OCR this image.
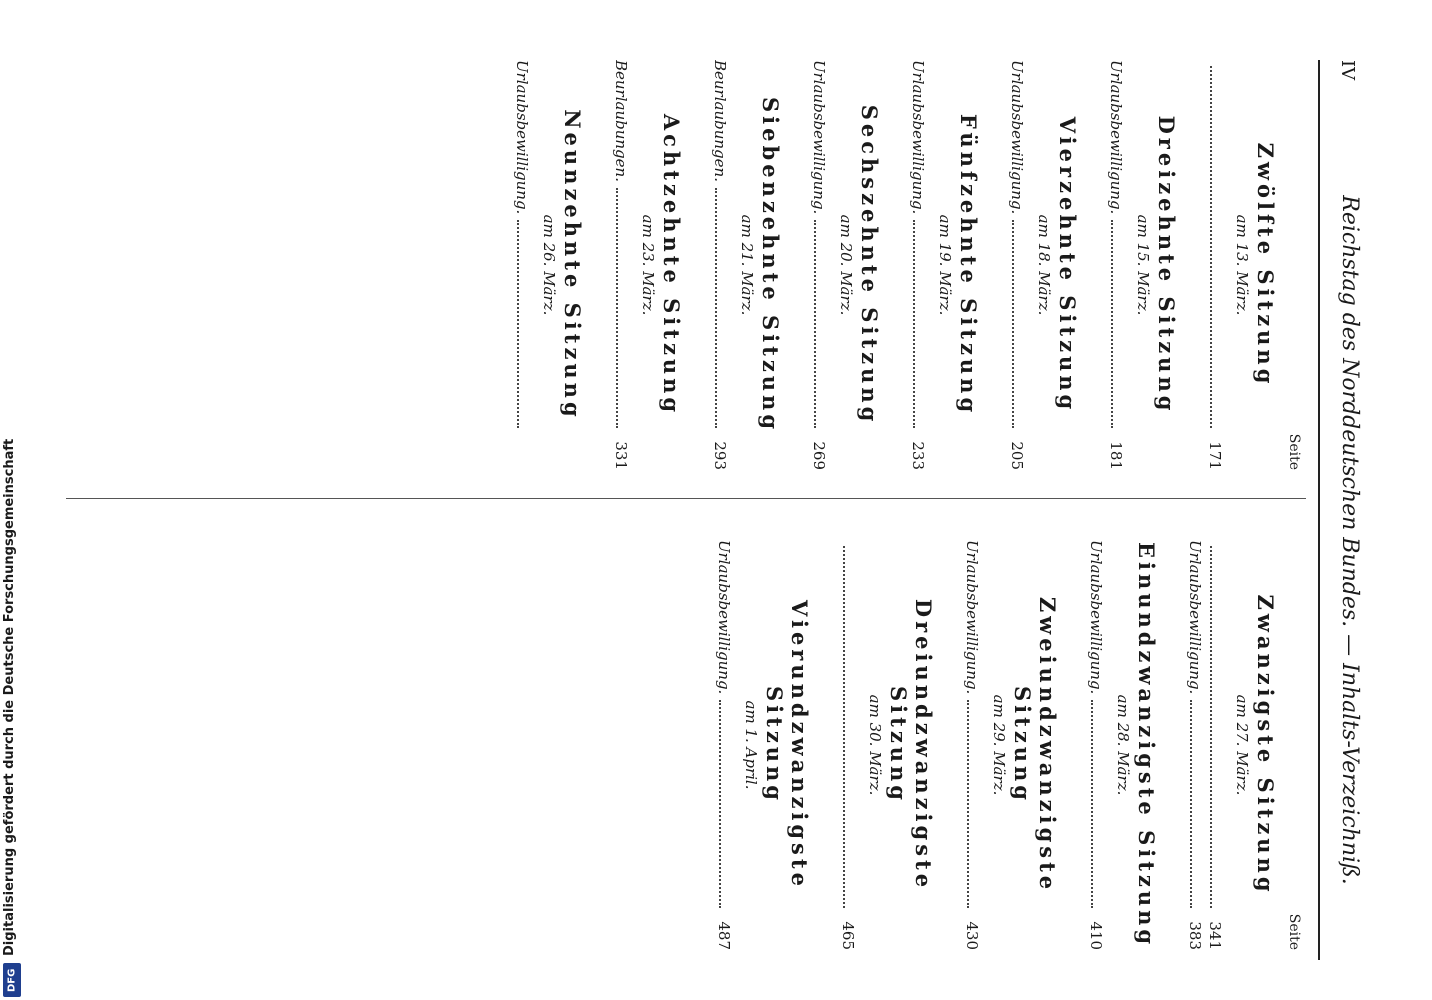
IV
Reichstag des Norddeutschen Bundes. — Inhalts-Verzeichniß.
Seite
Zwölfte Sitzung
am 13. März.
171
Dreizehnte Sitzung
am 15. März.
Urlaubsbewilligung.
181
Vierzehnte Sitzung
am 18. März.
Urlaubsbewilligung.
205
Fünfzehnte Sitzung
am 19. März.
Urlaubsbewilligung.
233
Sechszehnte Sitzung
am 20. März.
Urlaubsbewilligung.
269
Siebenzehnte Sitzung
am 21. März.
Beurlaubungen.
293
Achtzehnte Sitzung
am 23. März.
Beurlaubungen.
331
Neunzehnte Sitzung
am 26. März.
Urlaubsbewilligung.
Seite
Zwanzigste Sitzung
am 27. März.
341
Urlaubsbewilligung.
383
Einundzwanzigste Sitzung
am 28. März.
Urlaubsbewilligung.
410
Zweiundzwanzigste Sitzung
am 29. März.
Urlaubsbewilligung.
430
Dreiundzwanzigste Sitzung
am 30. März.
465
Vierundzwanzigste Sitzung
am 1. April.
Urlaubsbewilligung.
487
Digitalisierung gefördert durch die Deutsche Forschungsgemeinschaft
DFG
